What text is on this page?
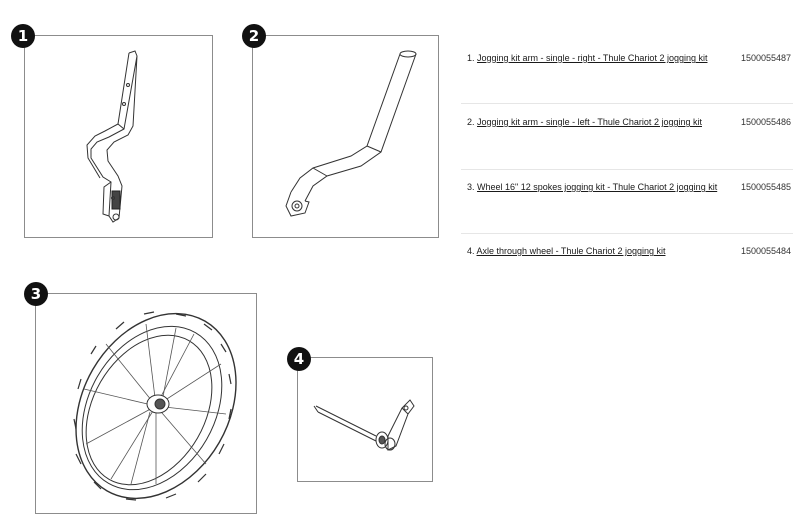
1	2
3
4
1. Jogging kit arm - single - right - Thule Chariot 2 jogging kit	1500055487
2. Jogging kit arm - single - left - Thule Chariot 2 jogging kit	1500055486
3. Wheel 16" 12 spokes jogging kit - Thule Chariot 2 jogging kit	1500055485
4. Axle through wheel - Thule Chariot 2 jogging kit	1500055484
